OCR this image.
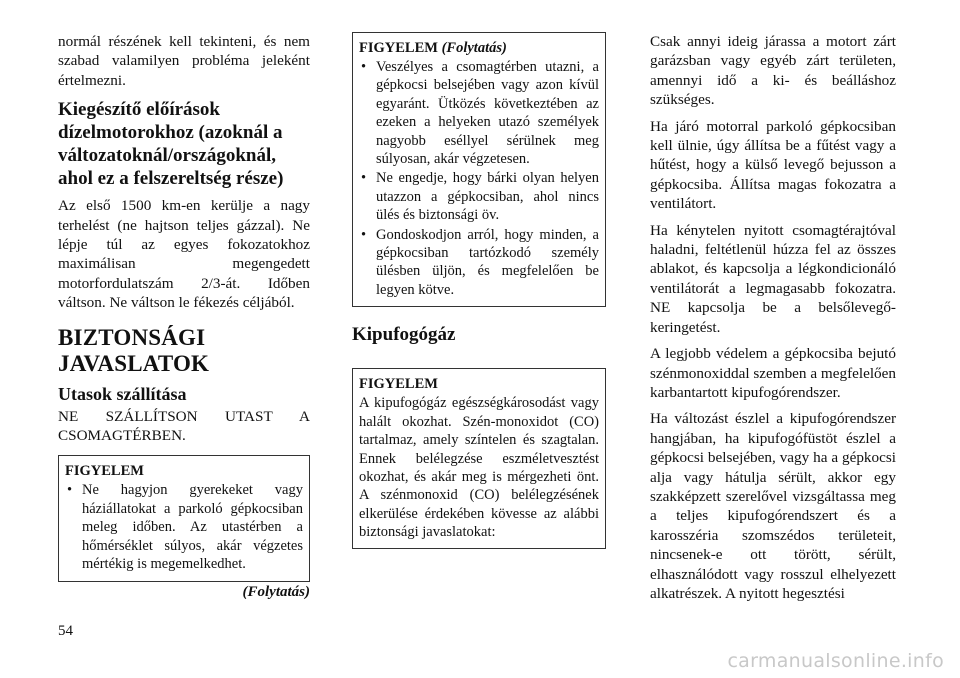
normál részének kell tekinteni, és nem szabad valamilyen probléma jeleként értelmezni.

Kiegészítő előírások dízelmotorokhoz (azoknál a változatoknál/országoknál, ahol ez a felszereltség része)

Az első 1500 km-en kerülje a nagy terhelést (ne hajtson teljes gázzal). Ne lépje túl az egyes fokozatokhoz maximálisan megengedett motorfordulatszám 2/3-át. Időben váltson. Ne váltson le fékezés céljából.

BIZTONSÁGI JAVASLATOK
Utasok szállítása

NE SZÁLLÍTSON UTAST A CSOMAGTÉRBEN.

FIGYELEM
• Ne hagyjon gyerekeket vagy háziállatokat a parkoló gépkocsiban meleg időben. Az utastérben a hőmérséklet súlyos, akár végzetes mértékig is megemelkedhet.
(Folytatás)
FIGYELEM (Folytatás)
• Veszélyes a csomagtérben utazni, a gépkocsi belsejében vagy azon kívül egyaránt. Ütközés következtében az ezeken a helyeken utazó személyek nagyobb eséllyel sérülnek meg súlyosan, akár végzetesen.
• Ne engedje, hogy bárki olyan helyen utazzon a gépkocsiban, ahol nincs ülés és biztonsági öv.
• Gondoskodjon arról, hogy minden, a gépkocsiban tartózkodó személy ülésben üljön, és megfelelően be legyen kötve.
Kipufogógáz
FIGYELEM

A kipufogógáz egészségkárosodást vagy halált okozhat. Szén-monoxidot (CO) tartalmaz, amely színtelen és szagtalan. Ennek belélegzése eszméletvesztést okozhat, és akár meg is mérgezheti önt. A szénmonoxid (CO) belélegzésének elkerülése érdekében kövesse az alábbi biztonsági javaslatokat:

Csak annyi ideig járassa a motort zárt garázsban vagy egyéb zárt területen, amennyi idő a ki- és beálláshoz szükséges.

Ha járó motorral parkoló gépkocsiban kell ülnie, úgy állítsa be a fűtést vagy a hűtést, hogy a külső levegő bejusson a gépkocsiba. Állítsa magas fokozatra a ventilátort.

Ha kénytelen nyitott csomagtérajtóval haladni, feltétlenül húzza fel az összes ablakot, és kapcsolja a légkondicionáló ventilátorát a legmagasabb fokozatra. NE kapcsolja be a belsőlevegő-keringetést.

A legjobb védelem a gépkocsiba bejutó szénmonoxiddal szemben a megfelelően karbantartott kipufogórendszer.

Ha változást észlel a kipufogórendszer hangjában, ha kipufogófüstöt észlel a gépkocsi belsejében, vagy ha a gépkocsi alja vagy hátulja sérült, akkor egy szakképzett szerelővel vizsgáltassa meg a teljes kipufogórendszert és a karosszéria szomszédos területeit, nincsenek-e ott törött, sérült, elhasználódott vagy rosszul elhelyezett alkatrészek. A nyitott hegesztési

54
carmanualsonline.info
